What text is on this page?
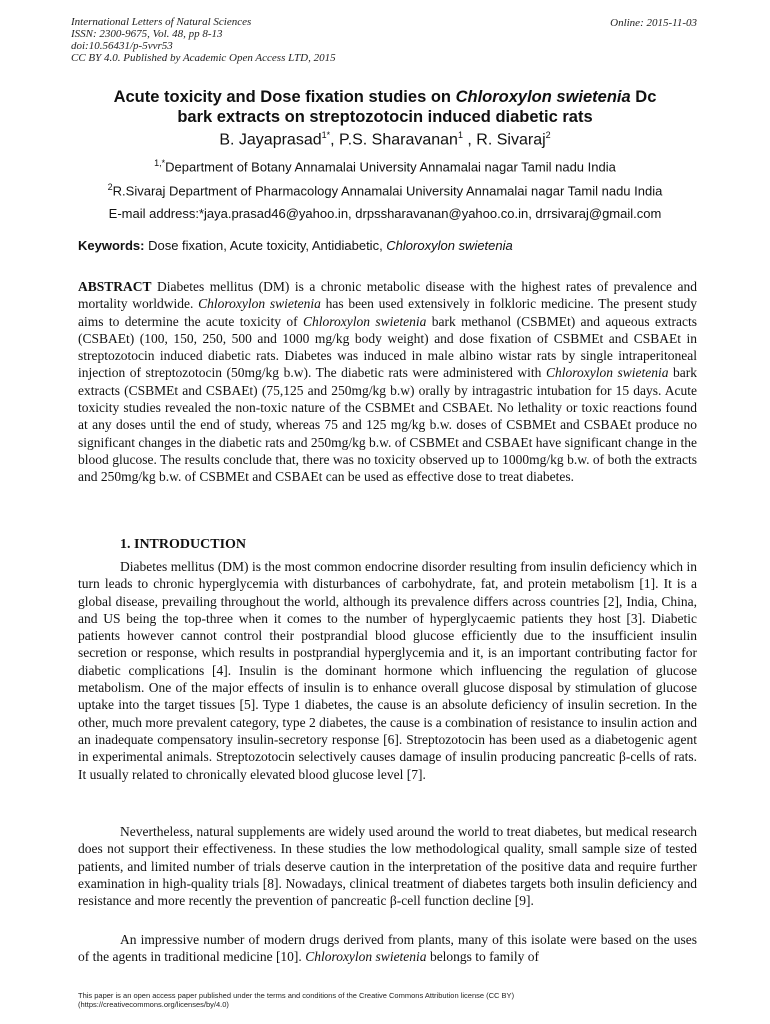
International Letters of Natural Sciences
ISSN: 2300-9675, Vol. 48, pp 8-13
doi:10.56431/p-5vvr53
CC BY 4.0. Published by Academic Open Access LTD, 2015
Online: 2015-11-03
Acute toxicity and Dose fixation studies on Chloroxylon swietenia Dc
bark extracts on streptozotocin induced diabetic rats
B. Jayaprasad$^{1*}$, P.S. Sharavanan$^1$ , R. Sivaraj$^2$
$^{1,*}$Department of Botany Annamalai University Annamalai nagar Tamil nadu India
$^2$R.Sivaraj Department of Pharmacology Annamalai University Annamalai nagar Tamil nadu India
E-mail address:*jaya.prasad46@yahoo.in, drpssharavanan@yahoo.co.in, drrsivaraj@gmail.com
Keywords: Dose fixation, Acute toxicity, Antidiabetic, Chloroxylon swietenia
ABSTRACT Diabetes mellitus (DM) is a chronic metabolic disease with the highest rates of prevalence and mortality worldwide. Chloroxylon swietenia has been used extensively in folkloric medicine. The present study aims to determine the acute toxicity of Chloroxylon swietenia bark methanol (CSBMEt) and aqueous extracts (CSBAEt) (100, 150, 250, 500 and 1000 mg/kg body weight) and dose fixation of CSBMEt and CSBAEt in streptozotocin induced diabetic rats. Diabetes was induced in male albino wistar rats by single intraperitoneal injection of streptozotocin (50mg/kg b.w). The diabetic rats were administered with Chloroxylon swietenia bark extracts (CSBMEt and CSBAEt) (75,125 and 250mg/kg b.w) orally by intragastric intubation for 15 days. Acute toxicity studies revealed the non-toxic nature of the CSBMEt and CSBAEt. No lethality or toxic reactions found at any doses until the end of study, whereas 75 and 125 mg/kg b.w. doses of CSBMEt and CSBAEt produce no significant changes in the diabetic rats and 250mg/kg b.w. of CSBMEt and CSBAEt have significant change in the blood glucose. The results conclude that, there was no toxicity observed up to 1000mg/kg b.w. of both the extracts and 250mg/kg b.w. of CSBMEt and CSBAEt can be used as effective dose to treat diabetes.
1. INTRODUCTION
Diabetes mellitus (DM) is the most common endocrine disorder resulting from insulin deficiency which in turn leads to chronic hyperglycemia with disturbances of carbohydrate, fat, and protein metabolism [1]. It is a global disease, prevailing throughout the world, although its prevalence differs across countries [2], India, China, and US being the top-three when it comes to the number of hyperglycaemic patients they host [3]. Diabetic patients however cannot control their postprandial blood glucose efficiently due to the insufficient insulin secretion or response, which results in postprandial hyperglycemia and it, is an important contributing factor for diabetic complications [4]. Insulin is the dominant hormone which influencing the regulation of glucose metabolism. One of the major effects of insulin is to enhance overall glucose disposal by stimulation of glucose uptake into the target tissues [5]. Type 1 diabetes, the cause is an absolute deficiency of insulin secretion. In the other, much more prevalent category, type 2 diabetes, the cause is a combination of resistance to insulin action and an inadequate compensatory insulin-secretory response [6]. Streptozotocin has been used as a diabetogenic agent in experimental animals. Streptozotocin selectively causes damage of insulin producing pancreatic β-cells of rats. It usually related to chronically elevated blood glucose level [7].
Nevertheless, natural supplements are widely used around the world to treat diabetes, but medical research does not support their effectiveness. In these studies the low methodological quality, small sample size of tested patients, and limited number of trials deserve caution in the interpretation of the positive data and require further examination in high-quality trials [8]. Nowadays, clinical treatment of diabetes targets both insulin deficiency and resistance and more recently the prevention of pancreatic β-cell function decline [9].
An impressive number of modern drugs derived from plants, many of this isolate were based on the uses of the agents in traditional medicine [10]. Chloroxylon swietenia belongs to family of
This paper is an open access paper published under the terms and conditions of the Creative Commons Attribution license (CC BY)
(https://creativecommons.org/licenses/by/4.0)
